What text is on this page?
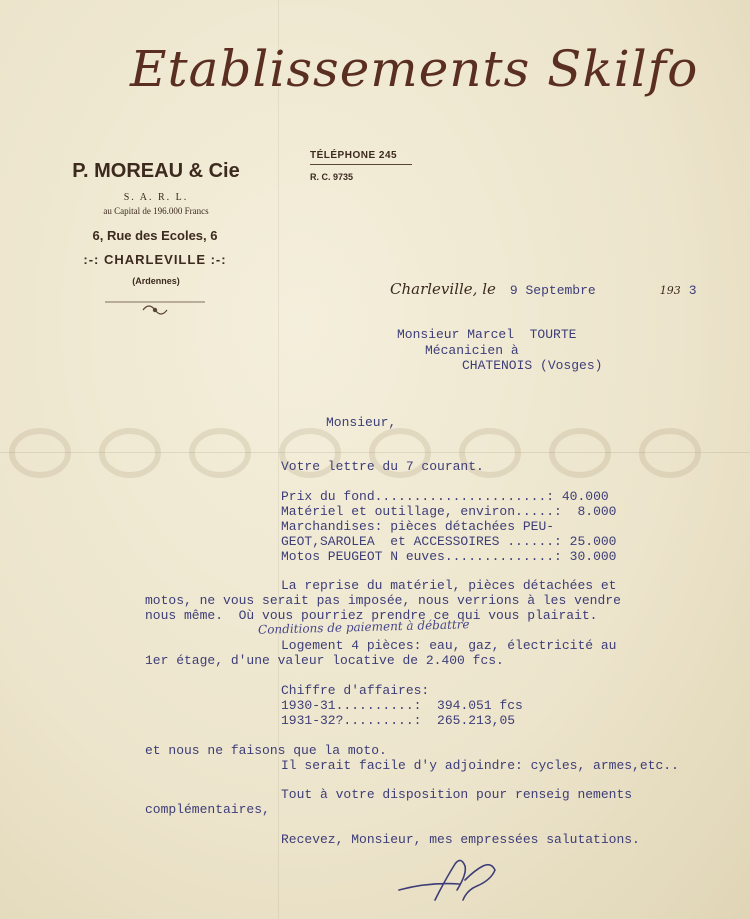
Etablissements Skilfo
P. MOREAU & Cie
S. A. R. L.
au Capital de 196.000 Francs
6, Rue des Ecoles, 6
:-: CHARLEVILLE :-:
(Ardennes)
TÉLÉPHONE 245
R. C. 9735
Charleville, le 9 Septembre	193 3
Monsieur Marcel  TOURTE
Mécanicien à
CHATENOIS (Vosges)
Monsieur,
Votre lettre du 7 courant.
Prix du fond......................: 40.000
Matériel et outillage, environ.....:  8.000
Marchandises: pièces détachées PEU-
GEOT,SAROLEA  et ACCESSOIRES ......: 25.000
Motos PEUGEOT N euves..............: 30.000
La reprise du matériel, pièces détachées et
motos, ne vous serait pas imposée, nous verrions à les vendre
nous même.  Où vous pourriez prendre ce qui vous plairait.
Conditions de paiement à débattre
Logement 4 pièces: eau, gaz, électricité au
1er étage, d'une valeur locative de 2.400 fcs.
Chiffre d'affaires:
1930-31..........: 394.051 fcs
1931-32?.........: 265.213,05
et nous ne faisons que la moto.
Il serait facile d'y adjoindre: cycles, armes,etc..
Tout à votre disposition pour renseig nements
complémentaires,
Recevez, Monsieur, mes empressées salutations.
